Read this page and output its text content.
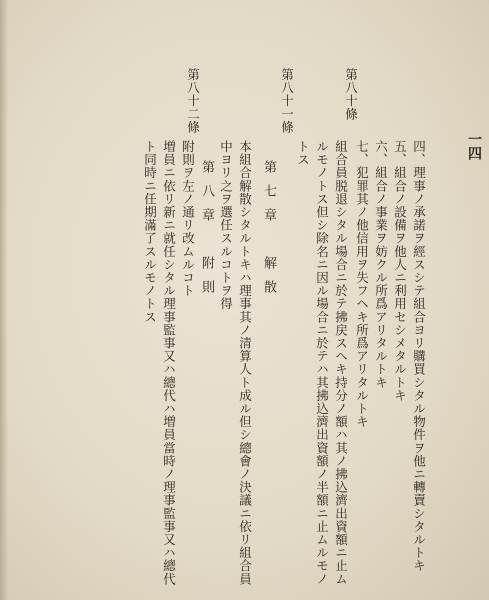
一四
四、理事ノ承諾ヲ經スシテ組合ヨリ購買シタル物件ヲ他ニ轉賣シタルトキ
五、組合ノ設備ヲ他人ニ利用セシメタルトキ
六、組合ノ事業ヲ妨クル所爲アリタルトキ
七、犯罪其ノ他信用ヲ失フヘキ所爲アリタルトキ
第八十條
組合員脱退シタル場合ニ於テ拂戻スヘキ持分ノ額ハ其ノ拂込濟出資額ニ止ム
ルモノトス但シ除名ニ因ル場合ニ於テハ其拂込濟出資額ノ半額ニ止ムルモノ
トス
第七章　解散
第八十一條
本組合解散シタルトキハ理事其ノ清算人ト成ル但シ總會ノ決議ニ依リ組合員
中ヨリ之ヲ選任スルコトヲ得
第八章　附則
第八十二條
附則ヲ左ノ通リ改ムルコト
増員ニ依リ新ニ就任シタル理事監事又ハ總代ハ増員當時ノ理事監事又ハ總代
ト同時ニ任期滿了スルモノトス
